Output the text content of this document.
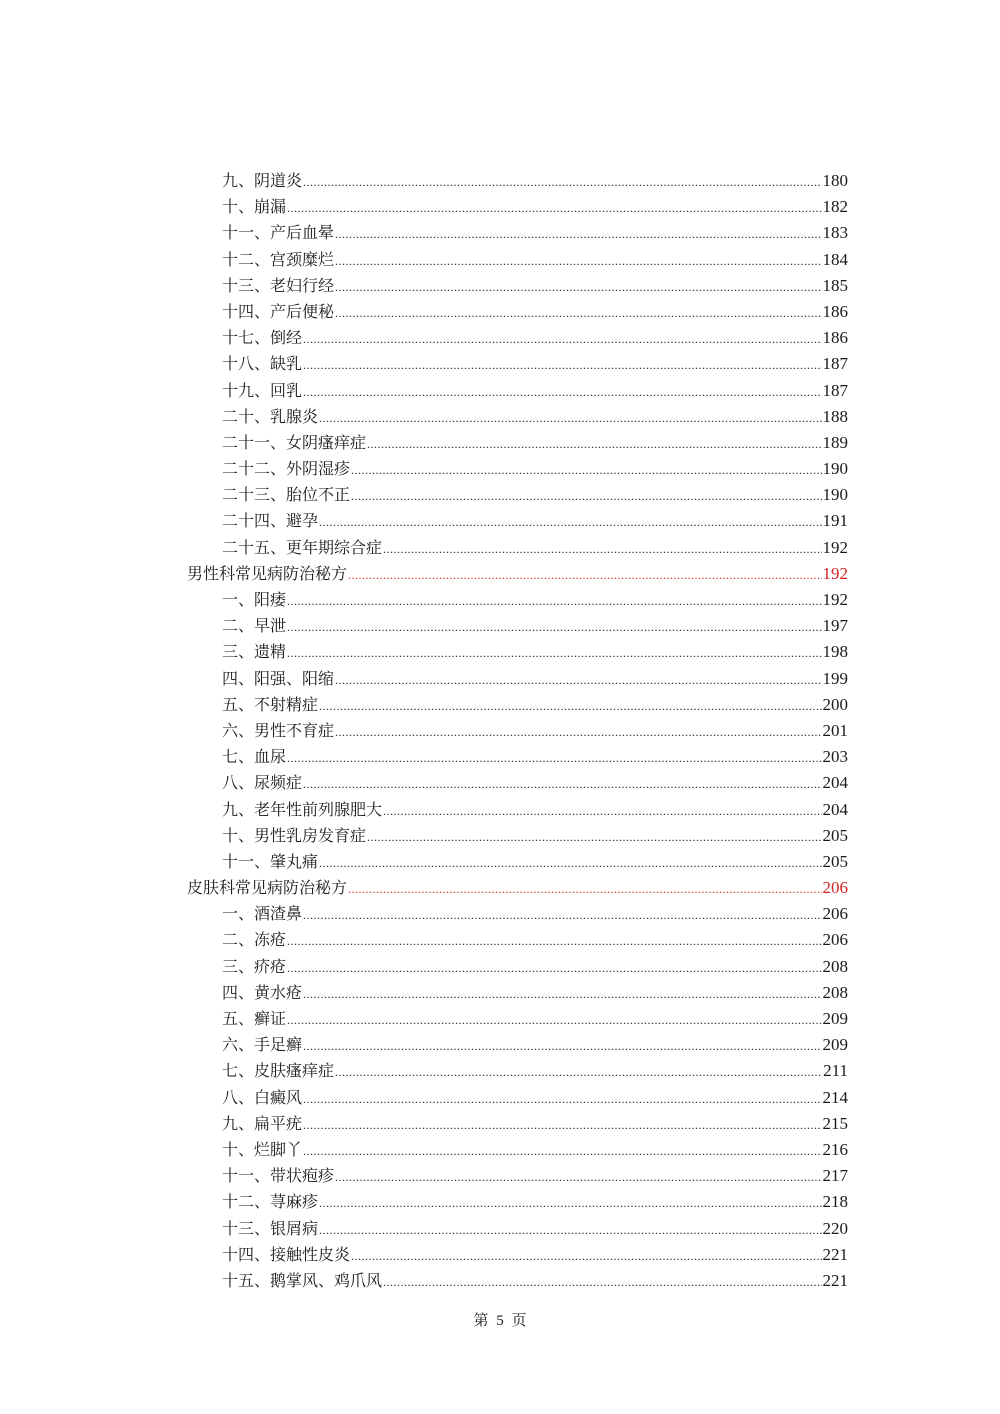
九、阴道炎 .....	180
十、崩漏 .....	182
十一、产后血晕 .....	183
十二、宫颈糜烂 .....	184
十三、老妇行经 .....	185
十四、产后便秘 .....	186
十七、倒经 .....	186
十八、缺乳 .....	187
十九、回乳 .....	187
二十、乳腺炎 .....	188
二十一、女阴瘙痒症 .....	189
二十二、外阴湿疹 .....	190
二十三、胎位不正 .....	190
二十四、避孕 .....	191
二十五、更年期综合症 .....	192
男性科常见病防治秘方 .....	192
一、阳痿 .....	192
二、早泄 .....	197
三、遗精 .....	198
四、阳强、阳缩 .....	199
五、不射精症 .....	200
六、男性不育症 .....	201
七、血尿 .....	203
八、尿频症 .....	204
九、老年性前列腺肥大 .....	204
十、男性乳房发育症 .....	205
十一、肇丸痛 .....	205
皮肤科常见病防治秘方 .....	206
一、酒渣鼻 .....	206
二、冻疮 .....	206
三、疥疮 .....	208
四、黄水疮 .....	208
五、癣证 .....	209
六、手足癣 .....	209
七、皮肤瘙痒症 .....	211
八、白癜风 .....	214
九、扁平疣 .....	215
十、烂脚丫 .....	216
十一、带状疱疹 .....	217
十二、荨麻疹 .....	218
十三、银屑病 .....	220
十四、接触性皮炎 .....	221
十五、鹅掌风、鸡爪风 .....	221
第 5 页
